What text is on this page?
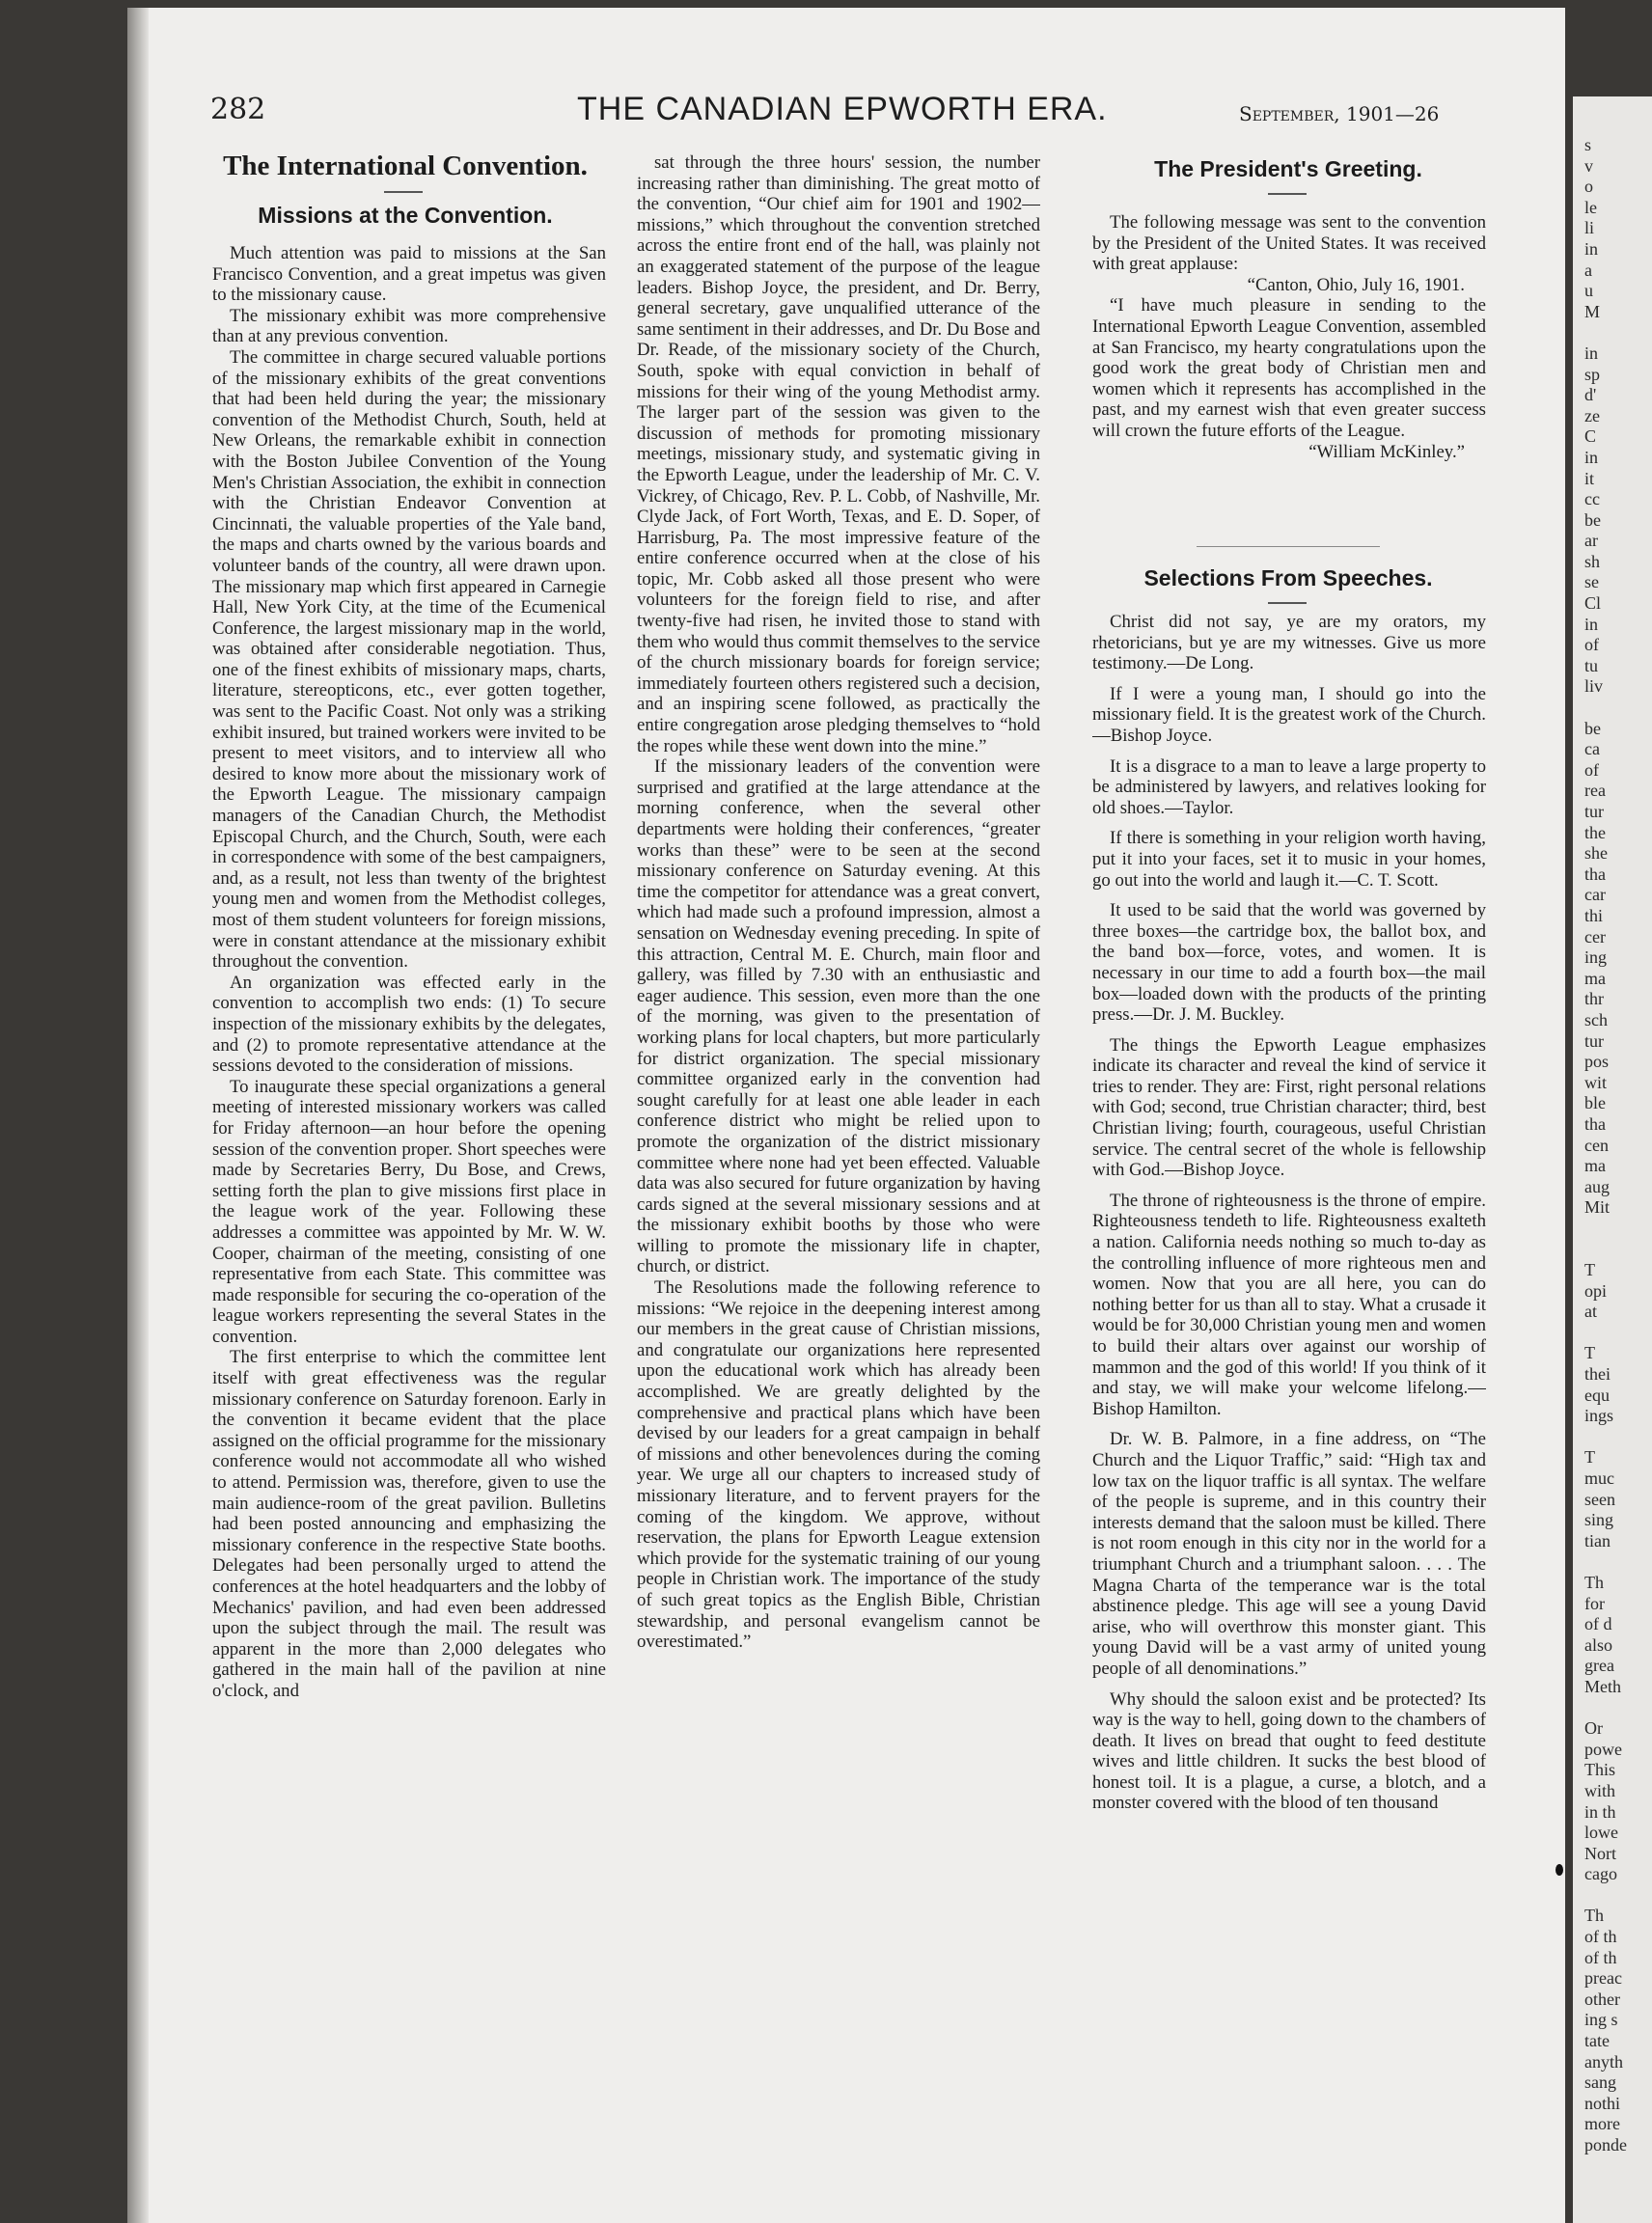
282	THE CANADIAN EPWORTH ERA.	September, 1901—26
The International Convention.
Missions at the Convention.

Much attention was paid to missions at the San Francisco Convention, and a great impetus was given to the missionary cause.

The missionary exhibit was more comprehensive than at any previous convention.

The committee in charge secured valuable portions of the missionary exhibits of the great conventions that had been held during the year; the missionary convention of the Methodist Church, South, held at New Orleans, the remarkable exhibit in connection with the Boston Jubilee Convention of the Young Men's Christian Association, the exhibit in connection with the Christian Endeavor Convention at Cincinnati, the valuable properties of the Yale band, the maps and charts owned by the various boards and volunteer bands of the country, all were drawn upon. The missionary map which first appeared in Carnegie Hall, New York City, at the time of the Ecumenical Conference, the largest missionary map in the world, was obtained after considerable negotiation. Thus, one of the finest exhibits of missionary maps, charts, literature, stereopticons, etc., ever gotten together, was sent to the Pacific Coast. Not only was a striking exhibit insured, but trained workers were invited to be present to meet visitors, and to interview all who desired to know more about the missionary work of the Epworth League. The missionary campaign managers of the Canadian Church, the Methodist Episcopal Church, and the Church, South, were each in correspondence with some of the best campaigners, and, as a result, not less than twenty of the brightest young men and women from the Methodist colleges, most of them student volunteers for foreign missions, were in constant attendance at the missionary exhibit throughout the convention.

An organization was effected early in the convention to accomplish two ends: (1) To secure inspection of the missionary exhibits by the delegates, and (2) to promote representative attendance at the sessions devoted to the consideration of missions.

To inaugurate these special organizations a general meeting of interested missionary workers was called for Friday afternoon—an hour before the opening session of the convention proper. Short speeches were made by Secretaries Berry, Du Bose, and Crews, setting forth the plan to give missions first place in the league work of the year. Following these addresses a committee was appointed by Mr. W. W. Cooper, chairman of the meeting, consisting of one representative from each State. This committee was made responsible for securing the co-operation of the league workers representing the several States in the convention.

The first enterprise to which the committee lent itself with great effectiveness was the regular missionary conference on Saturday forenoon. Early in the convention it became evident that the place assigned on the official programme for the missionary conference would not accommodate all who wished to attend. Permission was, therefore, given to use the main audience-room of the great pavilion. Bulletins had been posted announcing and emphasizing the missionary conference in the respective State booths. Delegates had been personally urged to attend the conferences at the hotel headquarters and the lobby of Mechanics' pavilion, and had even been addressed upon the subject through the mail. The result was apparent in the more than 2,000 delegates who gathered in the main hall of the pavilion at nine o'clock, and

sat through the three hours' session, the number increasing rather than diminishing. The great motto of the convention, “Our chief aim for 1901 and 1902—missions,” which throughout the convention stretched across the entire front end of the hall, was plainly not an exaggerated statement of the purpose of the league leaders. Bishop Joyce, the president, and Dr. Berry, general secretary, gave unqualified utterance of the same sentiment in their addresses, and Dr. Du Bose and Dr. Reade, of the missionary society of the Church, South, spoke with equal conviction in behalf of missions for their wing of the young Methodist army. The larger part of the session was given to the discussion of methods for promoting missionary meetings, missionary study, and systematic giving in the Epworth League, under the leadership of Mr. C. V. Vickrey, of Chicago, Rev. P. L. Cobb, of Nashville, Mr. Clyde Jack, of Fort Worth, Texas, and E. D. Soper, of Harrisburg, Pa. The most impressive feature of the entire conference occurred when at the close of his topic, Mr. Cobb asked all those present who were volunteers for the foreign field to rise, and after twenty-five had risen, he invited those to stand with them who would thus commit themselves to the service of the church missionary boards for foreign service; immediately fourteen others registered such a decision, and an inspiring scene followed, as practically the entire congregation arose pledging themselves to “hold the ropes while these went down into the mine.”

If the missionary leaders of the convention were surprised and gratified at the large attendance at the morning conference, when the several other departments were holding their conferences, “greater works than these” were to be seen at the second missionary conference on Saturday evening. At this time the competitor for attendance was a great convert, which had made such a profound impression, almost a sensation on Wednesday evening preceding. In spite of this attraction, Central M. E. Church, main floor and gallery, was filled by 7.30 with an enthusiastic and eager audience. This session, even more than the one of the morning, was given to the presentation of working plans for local chapters, but more particularly for district organization. The special missionary committee organized early in the convention had sought carefully for at least one able leader in each conference district who might be relied upon to promote the organization of the district missionary committee where none had yet been effected. Valuable data was also secured for future organization by having cards signed at the several missionary sessions and at the missionary exhibit booths by those who were willing to promote the missionary life in chapter, church, or district.

The Resolutions made the following reference to missions: “We rejoice in the deepening interest among our members in the great cause of Christian missions, and congratulate our organizations here represented upon the educational work which has already been accomplished. We are greatly delighted by the comprehensive and practical plans which have been devised by our leaders for a great campaign in behalf of missions and other benevolences during the coming year. We urge all our chapters to increased study of missionary literature, and to fervent prayers for the coming of the kingdom. We approve, without reservation, the plans for Epworth League extension which provide for the systematic training of our young people in Christian work. The importance of the study of such great topics as the English Bible, Christian stewardship, and personal evangelism cannot be overestimated.”

The President's Greeting.

The following message was sent to the convention by the President of the United States. It was received with great applause:

“Canton, Ohio, July 16, 1901.

“I have much pleasure in sending to the International Epworth League Convention, assembled at San Francisco, my hearty congratulations upon the good work the great body of Christian men and women which it represents has accomplished in the past, and my earnest wish that even greater success will crown the future efforts of the League.

“William McKinley.”

Selections From Speeches.

Christ did not say, ye are my orators, my rhetoricians, but ye are my witnesses. Give us more testimony.—De Long.

If I were a young man, I should go into the missionary field. It is the greatest work of the Church.—Bishop Joyce.

It is a disgrace to a man to leave a large property to be administered by lawyers, and relatives looking for old shoes.—Taylor.

If there is something in your religion worth having, put it into your faces, set it to music in your homes, go out into the world and laugh it.—C. T. Scott.

It used to be said that the world was governed by three boxes—the cartridge box, the ballot box, and the band box—force, votes, and women. It is necessary in our time to add a fourth box—the mail box—loaded down with the products of the printing press.—Dr. J. M. Buckley.

The things the Epworth League emphasizes indicate its character and reveal the kind of service it tries to render. They are: First, right personal relations with God; second, true Christian character; third, best Christian living; fourth, courageous, useful Christian service. The central secret of the whole is fellowship with God.—Bishop Joyce.

The throne of righteousness is the throne of empire. Righteousness tendeth to life. Righteousness exalteth a nation. California needs nothing so much to-day as the controlling influence of more righteous men and women. Now that you are all here, you can do nothing better for us than all to stay. What a crusade it would be for 30,000 Christian young men and women to build their altars over against our worship of mammon and the god of this world! If you think of it and stay, we will make your welcome lifelong.—Bishop Hamilton.

Dr. W. B. Palmore, in a fine address, on “The Church and the Liquor Traffic,” said: “High tax and low tax on the liquor traffic is all syntax. The welfare of the people is supreme, and in this country their interests demand that the saloon must be killed. There is not room enough in this city nor in the world for a triumphant Church and a triumphant saloon. . . . The Magna Charta of the temperance war is the total abstinence pledge. This age will see a young David arise, who will overthrow this monster giant. This young David will be a vast army of united young people of all denominations.”

Why should the saloon exist and be protected? Its way is the way to hell, going down to the chambers of death. It lives on bread that ought to feed destitute wives and little children. It sucks the best blood of honest toil. It is a plague, a curse, a blotch, and a monster covered with the blood of ten thousand

s
v
o
le
li
in
a
u
M
in
sp
d'
ze
C
in
it
cc
be
ar
sh
se
Cl
in
of
tu
liv
be
ca
of
rea
tur
the
she
tha
car
thi
cer
ing
ma
thr
sch
tur
pos
wit
ble
tha
cen
ma
aug
Mit
T
opi
at
T
thei
equ
ings
T
muc
seen
sing
tian
Th
for
of d
also
grea
Meth
Or
powe
This
with
in th
lowe
Nort
cago
Th
of th
of th
preac
other
ing s
tate
anyth
sang
nothi
more
ponde
